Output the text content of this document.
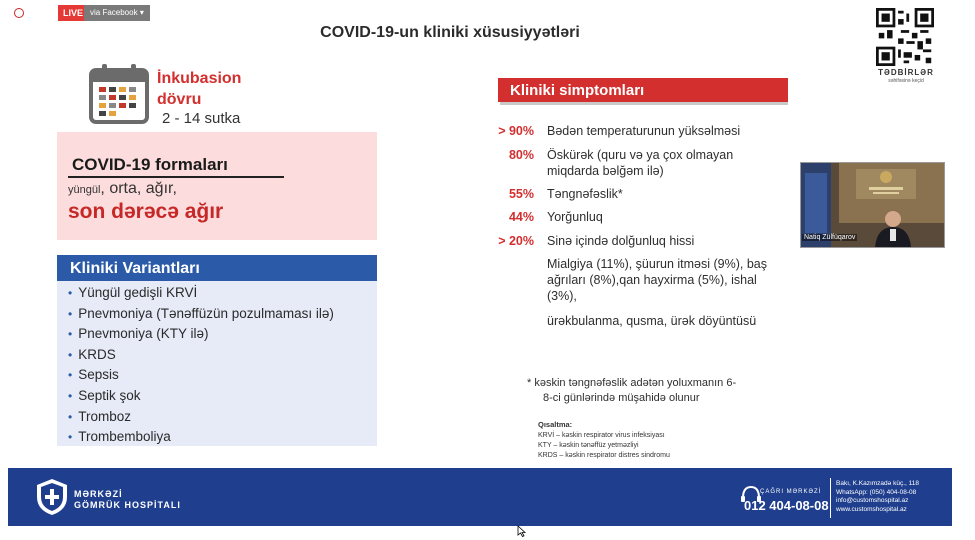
LIVE via Facebook ▾
COVID-19-un kliniki xüsusiyyətləri
TƏDBİRLƏR
səhifəsinə keçid
İnkubasion
dövru
2 - 14 sutka
COVID-19 formaları
yüngül, orta, ağır,
son dərəcə ağır
Kliniki Variantları
• Yüngül gedişli KRVİ
• Pnevmoniya (Tənəffüzün pozulmaması ilə)
• Pnevmoniya (KTY ilə)
• KRDS
• Sepsis
• Septik şok
• Tromboz
• Trombemboliya
Kliniki simptomları
> 90% Bədən temperaturunun yüksəlməsi
80% Öskürək (quru və ya çox olmayan
miqdarda bəlğəm ilə)
55% Təngnəfəslik*
44% Yorğunluq
> 20% Sinə içində dolğunluq hissi
Mialgiya (11%), şüurun itməsi (9%), baş
ağrıları (8%),qan hayxirma (5%), ishal
(3%),
ürəkbulanma, qusma, ürək döyüntüsü
* kəskin təngnəfəslik adətən yoluxmanın 6-
8-ci günlərində müşahidə olunur
Qısaltma:
KRVİ – kəskin respirator virus infeksiyası
KTY – kəskin tənəffüz yetməzliyi
KRDS – kəskin respirator distres sindromu
Natiq Zülfüqarov
MƏRKƏZİ
GÖMRÜK HOSPİTALI
ÇAĞRI MƏRKƏZİ
012 404-08-08
Bakı, K.Kazımzadə küç., 118
WhatsApp: (050) 404-08-08
info@customshospital.az
www.customshospital.az
